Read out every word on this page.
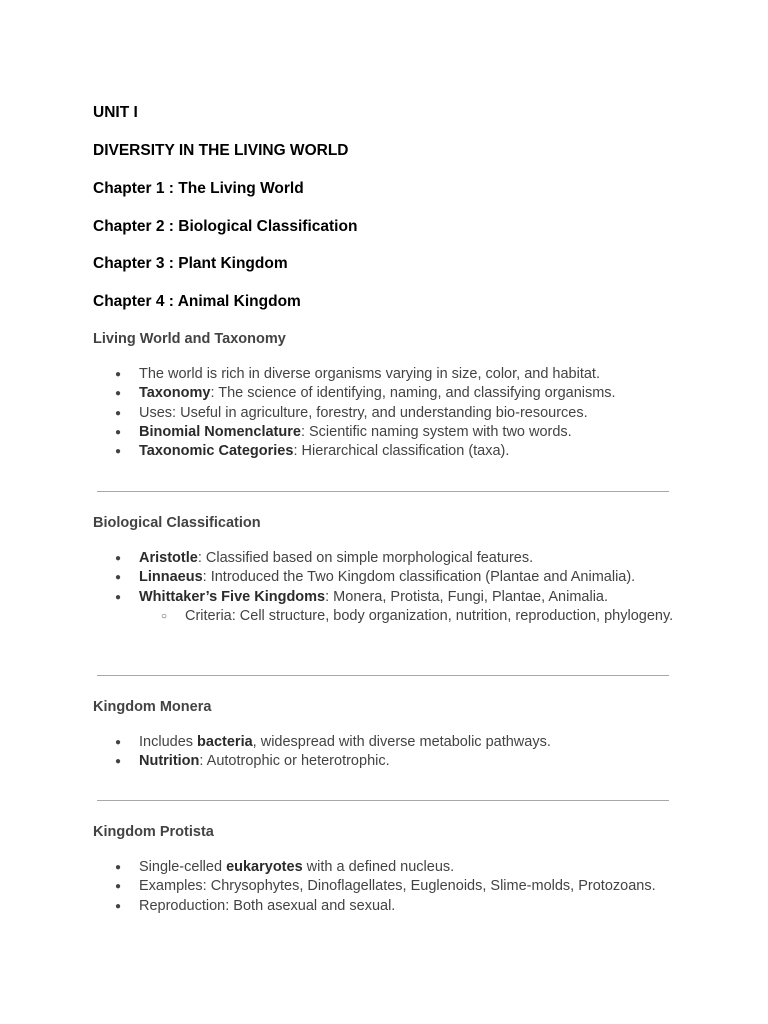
UNIT I
DIVERSITY IN THE LIVING WORLD
Chapter 1 : The Living World
Chapter 2 : Biological Classification
Chapter 3 : Plant Kingdom
Chapter 4 : Animal Kingdom
Living World and Taxonomy
● The world is rich in diverse organisms varying in size, color, and habitat.
● Taxonomy: The science of identifying, naming, and classifying organisms.
● Uses: Useful in agriculture, forestry, and understanding bio-resources.
● Binomial Nomenclature: Scientific naming system with two words.
● Taxonomic Categories: Hierarchical classification (taxa).
Biological Classification
● Aristotle: Classified based on simple morphological features.
● Linnaeus: Introduced the Two Kingdom classification (Plantae and Animalia).
● Whittaker’s Five Kingdoms: Monera, Protista, Fungi, Plantae, Animalia.
○ Criteria: Cell structure, body organization, nutrition, reproduction, phylogeny.
Kingdom Monera
● Includes bacteria, widespread with diverse metabolic pathways.
● Nutrition: Autotrophic or heterotrophic.
Kingdom Protista
● Single-celled eukaryotes with a defined nucleus.
● Examples: Chrysophytes, Dinoflagellates, Euglenoids, Slime-molds, Protozoans.
● Reproduction: Both asexual and sexual.
